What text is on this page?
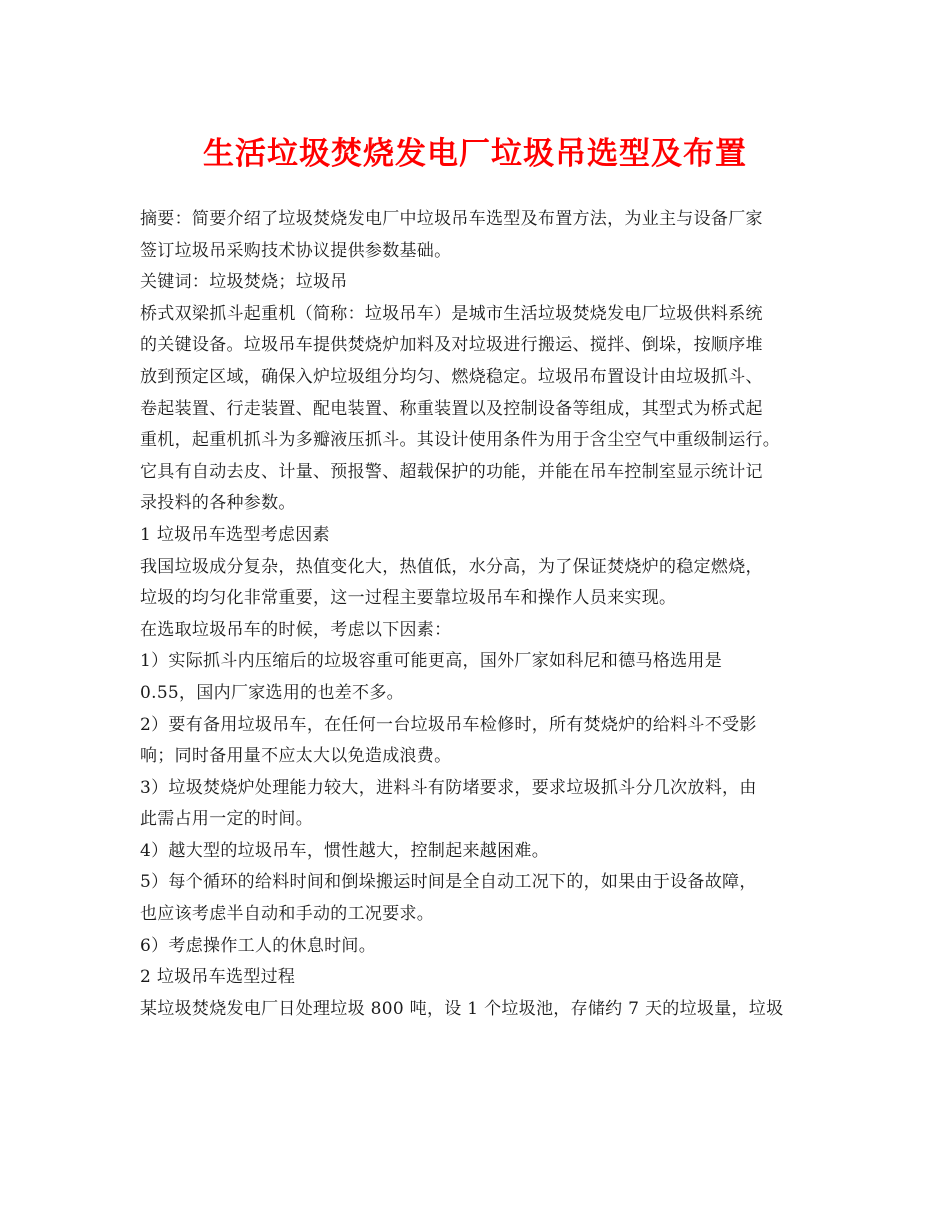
生活垃圾焚烧发电厂垃圾吊选型及布置
摘要：简要介绍了垃圾焚烧发电厂中垃圾吊车选型及布置方法，为业主与设备厂家
签订垃圾吊采购技术协议提供参数基础。
关键词：垃圾焚烧；垃圾吊
桥式双梁抓斗起重机（简称：垃圾吊车）是城市生活垃圾焚烧发电厂垃圾供料系统
的关键设备。垃圾吊车提供焚烧炉加料及对垃圾进行搬运、搅拌、倒垛，按顺序堆
放到预定区域，确保入炉垃圾组分均匀、燃烧稳定。垃圾吊布置设计由垃圾抓斗、
卷起装置、行走装置、配电装置、称重装置以及控制设备等组成，其型式为桥式起
重机，起重机抓斗为多瓣液压抓斗。其设计使用条件为用于含尘空气中重级制运行。
它具有自动去皮、计量、预报警、超载保护的功能，并能在吊车控制室显示统计记
录投料的各种参数。
1 垃圾吊车选型考虑因素
我国垃圾成分复杂，热值变化大，热值低，水分高，为了保证焚烧炉的稳定燃烧，
垃圾的均匀化非常重要，这一过程主要靠垃圾吊车和操作人员来实现。
在选取垃圾吊车的时候，考虑以下因素：
1）实际抓斗内压缩后的垃圾容重可能更高，国外厂家如科尼和德马格选用是
0.55，国内厂家选用的也差不多。
2）要有备用垃圾吊车，在任何一台垃圾吊车检修时，所有焚烧炉的给料斗不受影
响；同时备用量不应太大以免造成浪费。
3）垃圾焚烧炉处理能力较大，进料斗有防堵要求，要求垃圾抓斗分几次放料，由
此需占用一定的时间。
4）越大型的垃圾吊车，惯性越大，控制起来越困难。
5）每个循环的给料时间和倒垛搬运时间是全自动工况下的，如果由于设备故障，
也应该考虑半自动和手动的工况要求。
6）考虑操作工人的休息时间。
2 垃圾吊车选型过程
某垃圾焚烧发电厂日处理垃圾 800 吨，设 1 个垃圾池，存储约 7 天的垃圾量，垃圾
